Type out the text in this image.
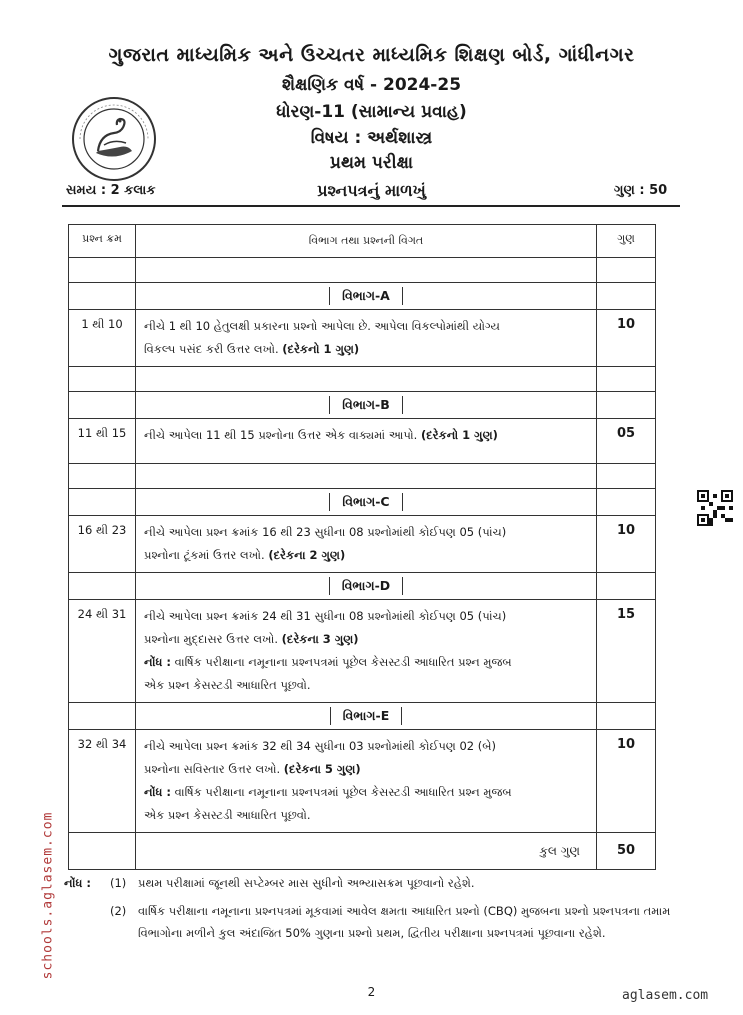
ગુજરાત માધ્યમિક અને ઉચ્ચતર માધ્યમિક શિક્ષણ બોર્ડ, ગાંધીનગર
શૈક્ષણિક વર્ષ - 2024-25
ધોરણ-11 (સામાન્ય પ્રવાહ)
વિષય : અર્થશાસ્ત્ર
પ્રથમ પરીક્ષા
સમય : 2 કલાક	પ્રશ્નપત્રનું માળખું	ગુણ : 50
પ્રશ્ન ક્રમ	વિભાગ તથા પ્રશ્નની વિગત	ગુણ

	વિભાગ-A	
1 થી 10	નીચે 1 થી 10 હેતુલક્ષી પ્રકારના પ્રશ્નો આપેલા છે. આપેલા વિકલ્પોમાંથી યોગ્ય
વિકલ્પ પસંદ કરી ઉત્તર લખો. (દરેકનો 1 ગુણ)	10

	વિભાગ-B	
11 થી 15	નીચે આપેલા 11 થી 15 પ્રશ્નોના ઉત્તર એક વાક્યમાં આપો. (દરેકનો 1 ગુણ)	05

	વિભાગ-C	
16 થી 23	નીચે આપેલા પ્રશ્ન ક્રમાંક 16 થી 23 સુધીના 08 પ્રશ્નોમાંથી કોઈપણ 05 (પાંચ)
પ્રશ્નોના ટૂંકમાં ઉત્તર લખો. (દરેકના 2 ગુણ)	10
	વિભાગ-D	
24 થી 31	નીચે આપેલા પ્રશ્ન ક્રમાંક 24 થી 31 સુધીના 08 પ્રશ્નોમાંથી કોઈપણ 05 (પાંચ)
પ્રશ્નોના મુદ્દાસર ઉત્તર લખો. (દરેકના 3 ગુણ)
નોંધ : વાર્ષિક પરીક્ષાના નમૂનાના પ્રશ્નપત્રમાં પૂછેલ કેસસ્ટડી આધારિત પ્રશ્ન મુજબ
એક પ્રશ્ન કેસસ્ટડી આધારિત પૂછવો.	15
	વિભાગ-E	
32 થી 34	નીચે આપેલા પ્રશ્ન ક્રમાંક 32 થી 34 સુધીના 03 પ્રશ્નોમાંથી કોઈપણ 02 (બે)
પ્રશ્નોના સવિસ્તાર ઉત્તર લખો. (દરેકના 5 ગુણ)
નોંધ : વાર્ષિક પરીક્ષાના નમૂનાના પ્રશ્નપત્રમાં પૂછેલ કેસસ્ટડી આધારિત પ્રશ્ન મુજબ
એક પ્રશ્ન કેસસ્ટડી આધારિત પૂછવો.	10
	કુલ ગુણ	50
નોંધ : (1) પ્રથમ પરીક્ષામાં જૂનથી સપ્ટેમ્બર માસ સુધીનો અભ્યાસક્રમ પૂછવાનો રહેશે.
(2) વાર્ષિક પરીક્ષાના નમૂનાના પ્રશ્નપત્રમાં મૂકવામાં આવેલ ક્ષમતા આધારિત પ્રશ્નો (CBQ) મુજબના પ્રશ્નો પ્રશ્નપત્રના તમામ વિભાગોના મળીને કુલ અંદાજિત 50% ગુણના પ્રશ્નો પ્રથમ, દ્વિતીય પરીક્ષાના પ્રશ્નપત્રમાં પૂછવાના રહેશે.
2
schools.aglasem.com
aglasem.com
